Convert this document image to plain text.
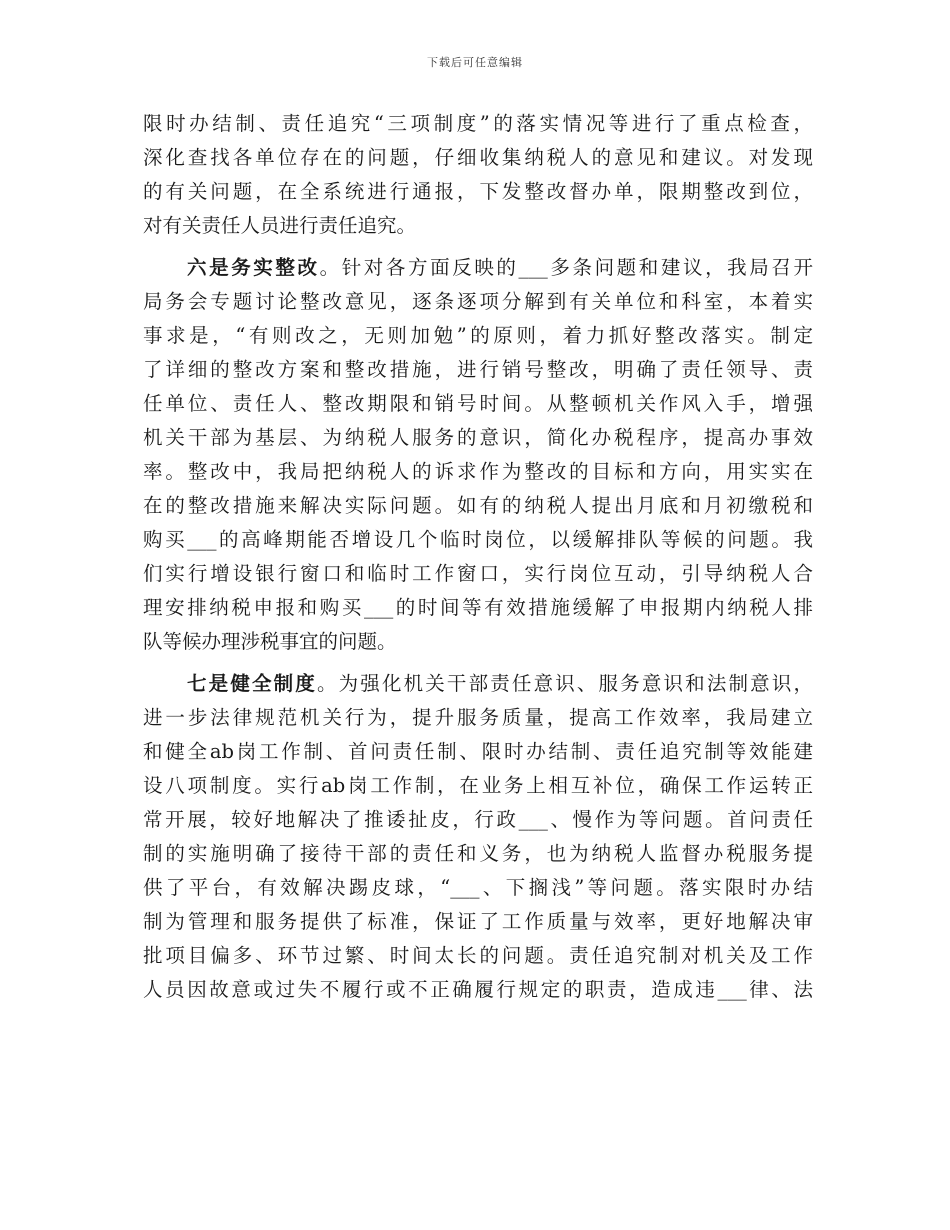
下载后可任意编辑
限时办结制、责任追究“三项制度”的落实情况等进行了重点检查，
深化查找各单位存在的问题，仔细收集纳税人的意见和建议。对发现
的有关问题，在全系统进行通报，下发整改督办单，限期整改到位，
对有关责任人员进行责任追究。
六是务实整改。针对各方面反映的___多条问题和建议，我局召开
局务会专题讨论整改意见，逐条逐项分解到有关单位和科室，本着实
事求是，“有则改之，无则加勉”的原则，着力抓好整改落实。制定
了详细的整改方案和整改措施，进行销号整改，明确了责任领导、责
任单位、责任人、整改期限和销号时间。从整顿机关作风入手，增强
机关干部为基层、为纳税人服务的意识，简化办税程序，提高办事效
率。整改中，我局把纳税人的诉求作为整改的目标和方向，用实实在
在的整改措施来解决实际问题。如有的纳税人提出月底和月初缴税和
购买___的高峰期能否增设几个临时岗位，以缓解排队等候的问题。我
们实行增设银行窗口和临时工作窗口，实行岗位互动，引导纳税人合
理安排纳税申报和购买___的时间等有效措施缓解了申报期内纳税人排
队等候办理涉税事宜的问题。
七是健全制度。为强化机关干部责任意识、服务意识和法制意识，
进一步法律规范机关行为，提升服务质量，提高工作效率，我局建立
和健全ab岗工作制、首问责任制、限时办结制、责任追究制等效能建
设八项制度。实行ab岗工作制，在业务上相互补位，确保工作运转正
常开展，较好地解决了推诿扯皮，行政___、慢作为等问题。首问责任
制的实施明确了接待干部的责任和义务，也为纳税人监督办税服务提
供了平台，有效解决踢皮球，“___、下搁浅”等问题。落实限时办结
制为管理和服务提供了标准，保证了工作质量与效率，更好地解决审
批项目偏多、环节过繁、时间太长的问题。责任追究制对机关及工作
人员因故意或过失不履行或不正确履行规定的职责，造成违___律、法
